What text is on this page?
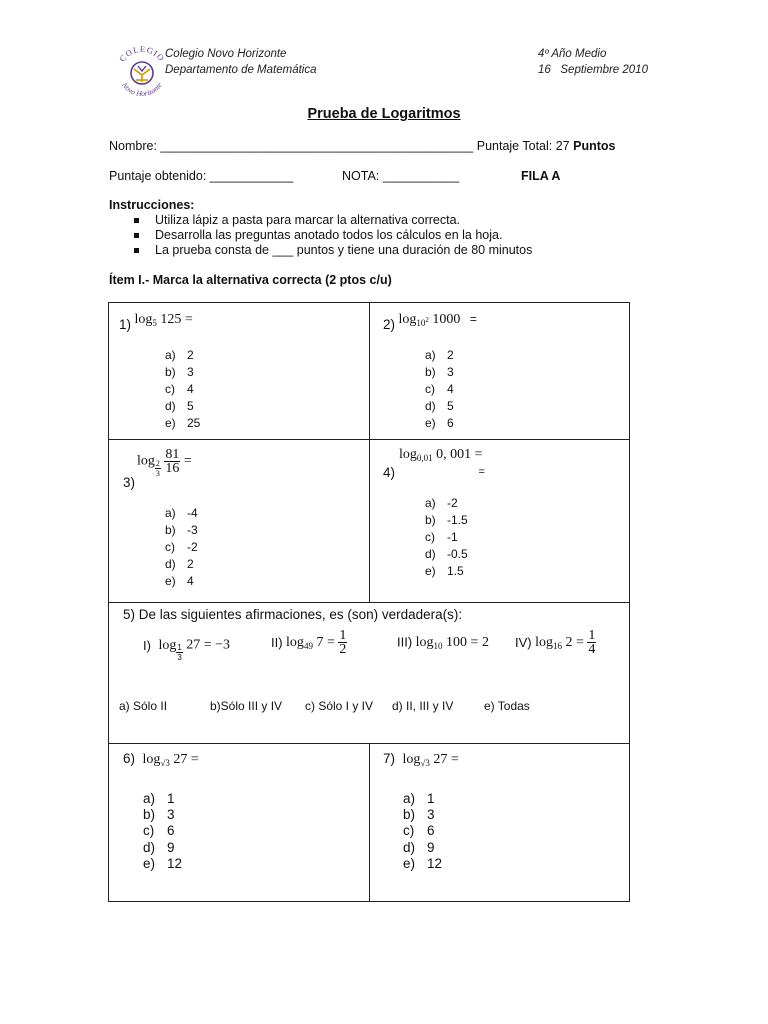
COLEGIO
Novo Horizonte
Colegio Novo Horizonte
Departamento de Matemática
4º Año Medio
16   Septiembre 2010
Prueba de Logaritmos
Nombre: _____________________________________________ Puntaje Total: 27 Puntos
Puntaje obtenido: ____________	NOTA: ___________	FILA A
Instrucciones:
Utiliza lápiz a pasta para marcar la alternativa correcta.
Desarrolla las preguntas anotado todos los cálculos en la hoja.
La prueba consta de ___ puntos y tiene una duración de 80 minutos
Ítem I.- Marca la alternativa correcta (2 ptos c/u)
1) $\log_5 125$ =
a) 2
b) 3
c) 4
d) 5
e) 25
2) $\log_{10^2} 1000$ =
a) 2
b) 3
c) 4
d) 5
e) 6
$\log \frac{2}{3}$
$\frac{81}{16}$ =
3)
a) -4
b) -3
c) -2
d) 2
e) 4
$\log_{0,01} 0$, 001 =
4)	=
a) -2
b) -1.5
c) -1
d) -0.5
e) 1.5
5) De las siguientes afirmaciones, es (son) verdadera(s):
I) $\log \frac{1}{3} 27 = -3$	II) $\log_{49} 7 = \frac{1}{2}$	III) $\log_{10} 100 = 2$ IV) $\log_{16} 2 = \frac{1}{4}$
a) Sólo II	b)Sólo III y IV c) Sólo I y IV d) II, III y IV	e) Todas
6) $\log_{√3} 27$ =
a) 1
b) 3
c) 6
d) 9
e) 12
7) $\log_{√3} 27$ =
a) 1
b) 3
c) 6
d) 9
e) 12
